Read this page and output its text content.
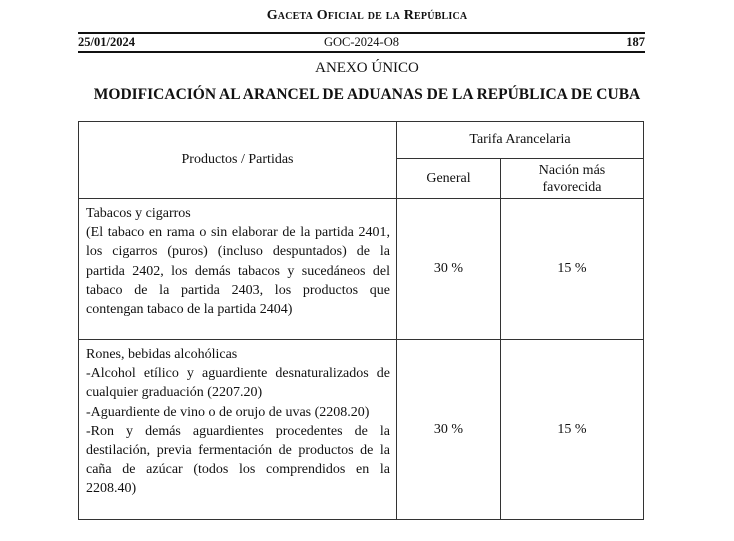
Gaceta Oficial de la República
25/01/2024	GOC-2024-O8	187
ANEXO ÚNICO
MODIFICACIÓN AL ARANCEL DE ADUANAS DE LA REPÚBLICA DE CUBA
Productos / Partidas	Tarifa Arancelaria	
	General	Nación más favorecida

Tabacos y cigarros
(El tabaco en rama o sin elaborar de la partida 2401, los cigarros (puros) (incluso despuntados) de la partida 2402, los demás tabacos y sucedáneos del tabaco de la partida 2403, los productos que contengan tabaco de la partida 2404)	30 %	15 %

Rones, bebidas alcohólicas
-Alcohol etílico y aguardiente desnaturalizados de cualquier graduación (2207.20)
-Aguardiente de vino o de orujo de uvas (2208.20)
-Ron y demás aguardientes procedentes de la destilación, previa fermentación de productos de la caña de azúcar (todos los comprendidos en la 2208.40)	30 %	15 %
